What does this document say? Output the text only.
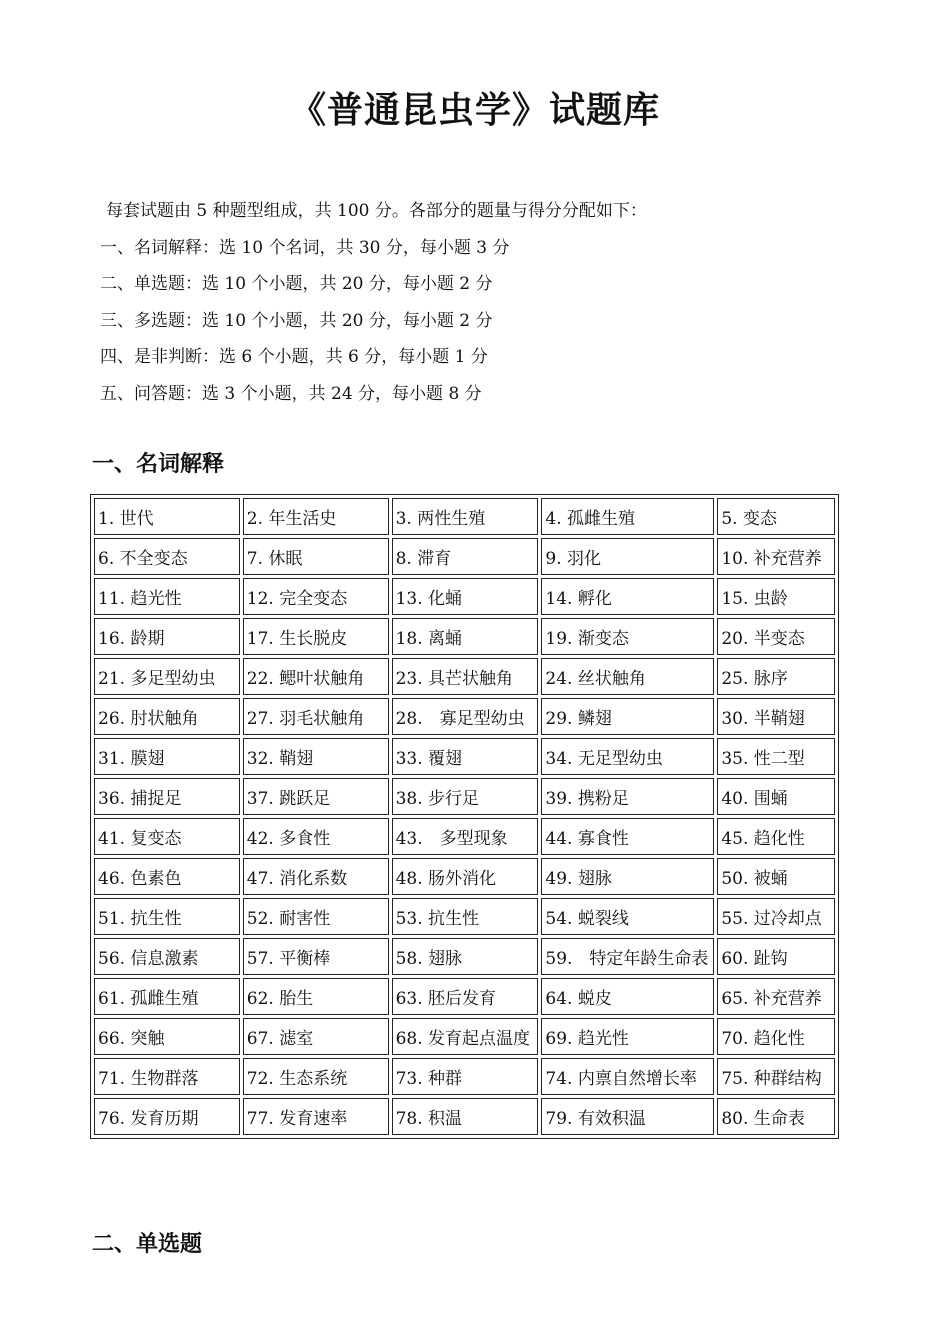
《普通昆虫学》试题库
每套试题由 5 种题型组成，共 100 分。各部分的题量与得分分配如下：
一、名词解释：选 10 个名词，共 30 分，每小题 3 分
二、单选题：选 10 个小题，共 20 分，每小题 2 分
三、多选题：选 10 个小题，共 20 分，每小题 2 分
四、是非判断：选 6 个小题，共 6 分，每小题 1 分
五、问答题：选 3 个小题，共 24 分，每小题 8 分
一、名词解释
1. 世代	2. 年生活史	3. 两性生殖	4. 孤雌生殖	5. 变态
6. 不全变态	7. 休眠	8. 滞育	9. 羽化	10. 补充营养
11. 趋光性	12. 完全变态	13. 化蛹	14. 孵化	15. 虫龄
16. 龄期	17. 生长脱皮	18. 离蛹	19. 渐变态	20. 半变态
21. 多足型幼虫	22. 鳃叶状触角	23. 具芒状触角	24. 丝状触角	25. 脉序
26. 肘状触角	27. 羽毛状触角	28.　寡足型幼虫	29. 鳞翅	30. 半鞘翅
31. 膜翅	32. 鞘翅	33. 覆翅	34. 无足型幼虫	35. 性二型
36. 捕捉足	37. 跳跃足	38. 步行足	39. 携粉足	40. 围蛹
41. 复变态	42. 多食性	43.　多型现象	44. 寡食性	45. 趋化性
46. 色素色	47. 消化系数	48. 肠外消化	49. 翅脉	50. 被蛹
51. 抗生性	52. 耐害性	53. 抗生性	54. 蜕裂线	55. 过冷却点
56. 信息激素	57. 平衡棒	58. 翅脉	59.　特定年龄生命表	60. 趾钩
61. 孤雌生殖	62. 胎生	63. 胚后发育	64. 蜕皮	65. 补充营养
66. 突触	67. 滤室	68. 发育起点温度	69. 趋光性	70. 趋化性
71. 生物群落	72. 生态系统	73. 种群	74. 内禀自然增长率	75. 种群结构
76. 发育历期	77. 发育速率	78. 积温	79. 有效积温	80. 生命表
二、单选题
